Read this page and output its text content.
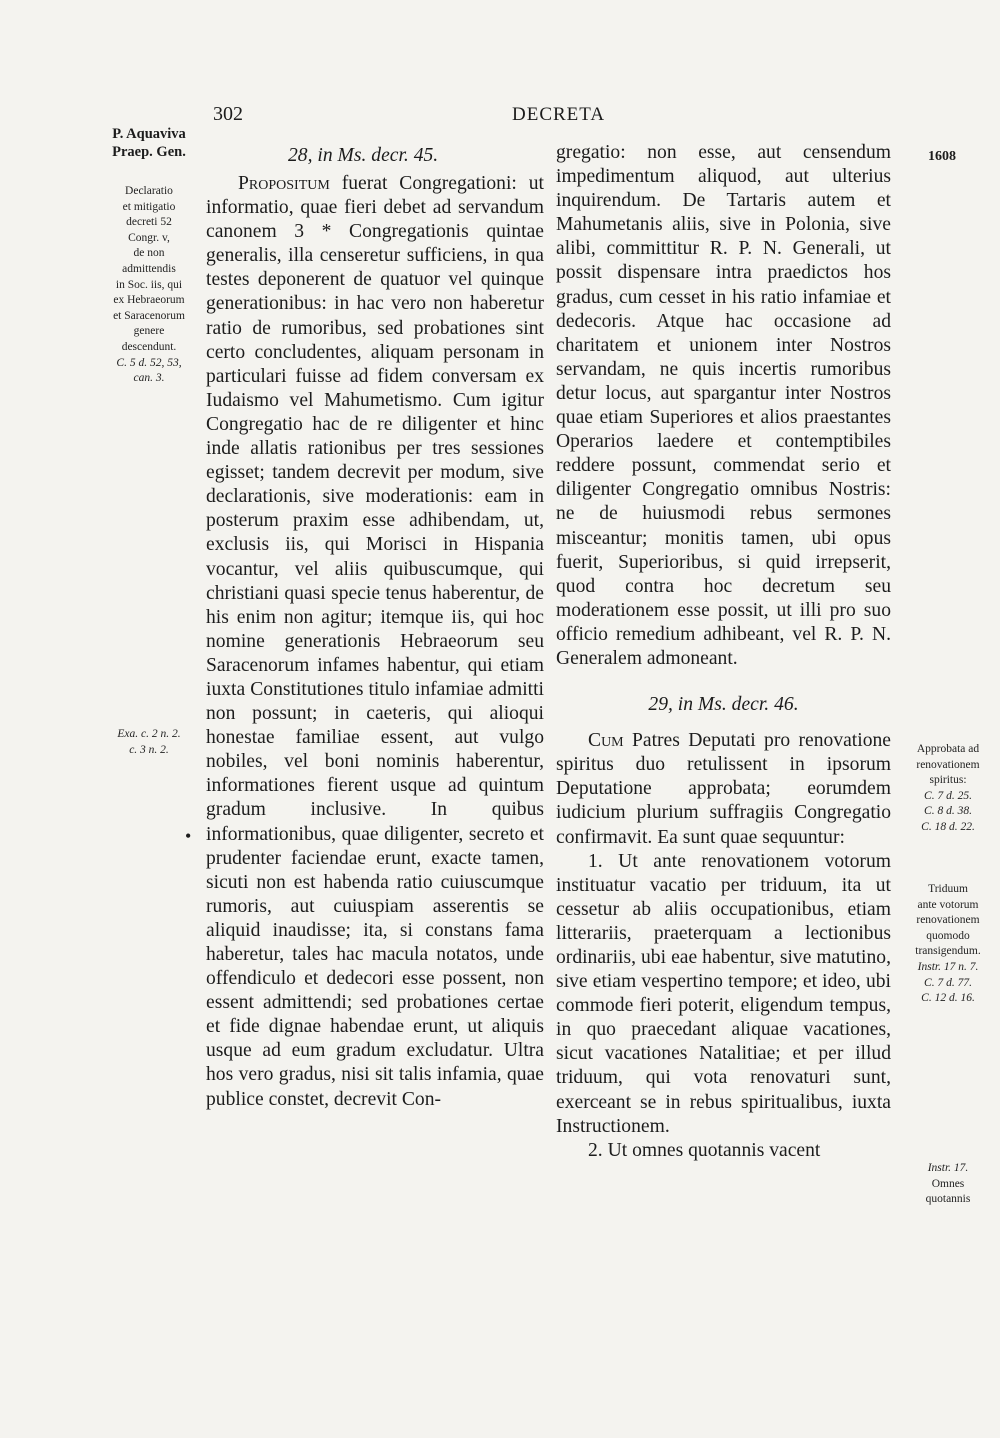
302	DECRETA
P. Aquaviva
Praep. Gen.	1608
Declaratio
et mitigatio
decreti 52
Congr. v,
de non
admittendis
in Soc. iis, qui
ex Hebraeorum
et Saracenorum
genere
descendunt.
C. 5 d. 52, 53,
can. 3.
Exa. c. 2 n. 2.
c. 3 n. 2.
28, in Ms. decr. 45.

Propositum fuerat Congregationi: ut informatio, quae fieri debet ad servandum canonem 3 * Congregationis quintae generalis, illa censeretur sufficiens, in qua testes deponerent de quatuor vel quinque generationibus: in hac vero non haberetur ratio de rumoribus, sed probationes sint certo concludentes, aliquam personam in particulari fuisse ad fidem conversam ex Iudaismo vel Mahumetismo. Cum igitur Congregatio hac de re diligenter et hinc inde allatis rationibus per tres sessiones egisset; tandem decrevit per modum, sive declarationis, sive moderationis: eam in posterum praxim esse adhibendam, ut, exclusis iis, qui Morisci in Hispania vocantur, vel aliis quibuscumque, qui christiani quasi specie tenus haberentur, de his enim non agitur; itemque iis, qui hoc nomine generationis Hebraeorum seu Saracenorum infames habentur, qui etiam iuxta Constitutiones titulo infamiae admitti non possunt; in caeteris, qui alioqui honestae familiae essent, aut vulgo nobiles, vel boni nominis haberentur, informationes fierent usque ad quintum gradum inclusive. In quibus informationibus, quae diligenter, secreto et prudenter faciendae erunt, exacte tamen, sicuti non est habenda ratio cuiuscumque rumoris, aut cuiuspiam asserentis se aliquid inaudisse; ita, si constans fama haberetur, tales hac macula notatos, unde offendiculo et dedecori esse possent, non essent admittendi; sed probationes certae et fide dignae habendae erunt, ut aliquis usque ad eum gradum excludatur. Ultra hos vero gradus, nisi sit talis infamia, quae publice constet, decrevit Con-

•

gregatio: non esse, aut censendum impedimentum aliquod, aut ulterius inquirendum. De Tartaris autem et Mahumetanis aliis, sive in Polonia, sive alibi, committitur R. P. N. Generali, ut possit dispensare intra praedictos hos gradus, cum cesset in his ratio infamiae et dedecoris. Atque hac occasione ad charitatem et unionem inter Nostros servandam, ne quis incertis rumoribus detur locus, aut spargantur inter Nostros quae etiam Superiores et alios praestantes Operarios laedere et contemptibiles reddere possunt, commendat serio et diligenter Congregatio omnibus Nostris: ne de huiusmodi rebus sermones misceantur; monitis tamen, ubi opus fuerit, Superioribus, si quid irrepserit, quod contra hoc decretum seu moderationem esse possit, ut illi pro suo officio remedium adhibeant, vel R. P. N. Generalem admoneant.

29, in Ms. decr. 46.

Cum Patres Deputati pro renovatione spiritus duo retulissent in ipsorum Deputatione approbata; eorumdem iudicium plurium suffragiis Congregatio confirmavit. Ea sunt quae sequuntur:

1. Ut ante renovationem votorum instituatur vacatio per triduum, ita ut cessetur ab aliis occupationibus, etiam litterariis, praeterquam a lectionibus ordinariis, ubi eae habentur, sive matutino, sive etiam vespertino tempore; et ideo, ubi commode fieri poterit, eligendum tempus, in quo praecedant aliquae vacationes, sicut vacationes Natalitiae; et per illud triduum, qui vota renovaturi sunt, exerceant se in rebus spiritualibus, iuxta Instructionem.

2. Ut omnes quotannis vacent

Approbata ad
renovationem
spiritus:
C. 7 d. 25.
C. 8 d. 38.
C. 18 d. 22.
Triduum
ante votorum
renovationem
quomodo
transigendum.
Instr. 17 n. 7.
C. 7 d. 77.
C. 12 d. 16.
Instr. 17.
Omnes
quotannis
